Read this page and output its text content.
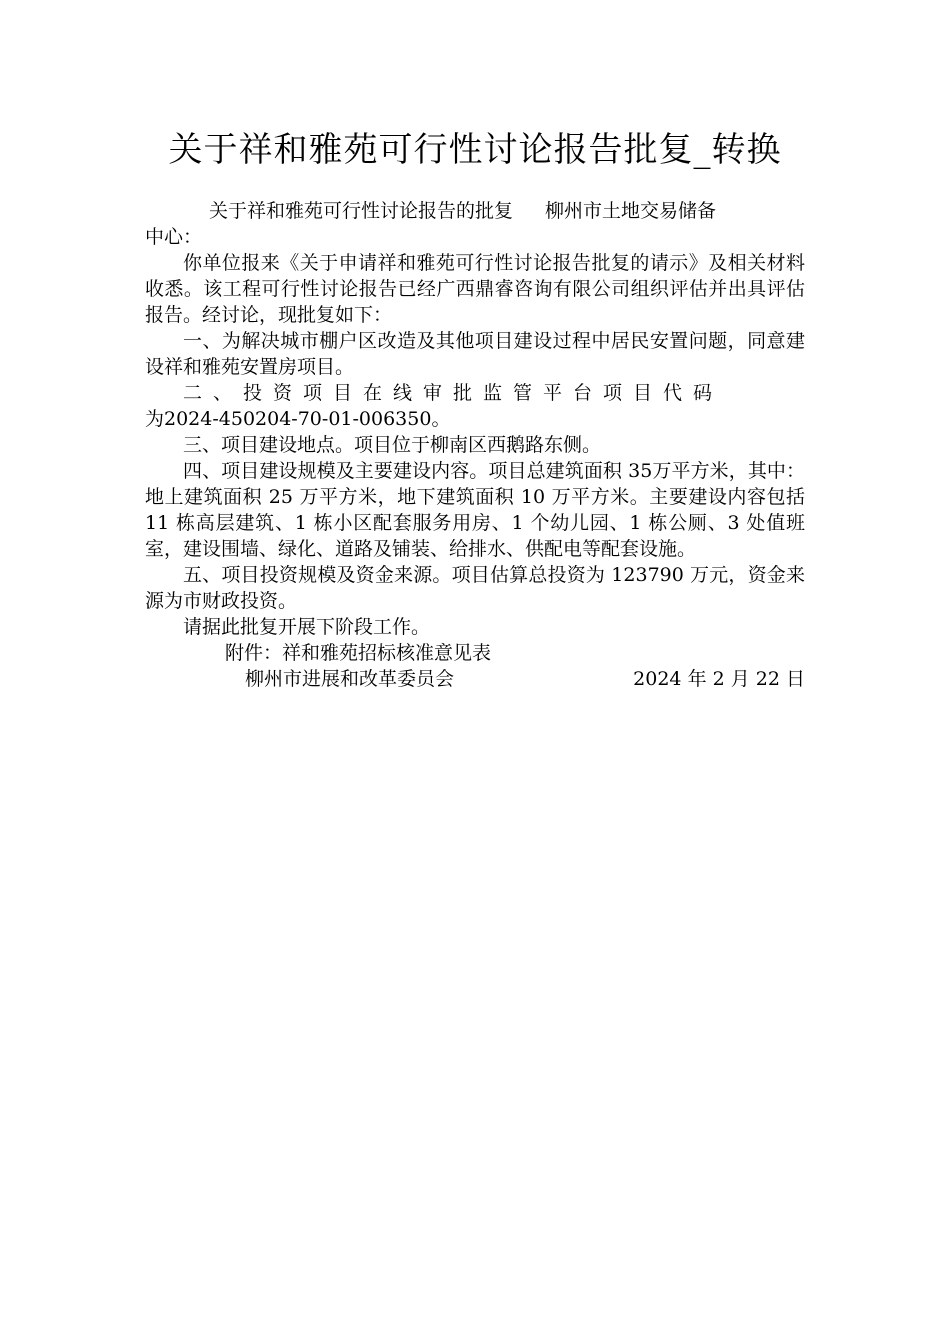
关于祥和雅苑可行性讨论报告批复_转换

关于祥和雅苑可行性讨论报告的批复 柳州市土地交易储备

中心：

你单位报来《关于申请祥和雅苑可行性讨论报告批复的请示》及相关材料收悉。该工程可行性讨论报告已经广西鼎睿咨询有限公司组织评估并出具评估报告。经讨论，现批复如下：

一、为解决城市棚户区改造及其他项目建设过程中居民安置问题，同意建设祥和雅苑安置房项目。

二、投资项目在线审批监管平台项目代码
为2024-450204-70-01-006350。

三、项目建设地点。项目位于柳南区西鹅路东侧。

四、项目建设规模及主要建设内容。项目总建筑面积 35万平方米，其中：地上建筑面积 25 万平方米，地下建筑面积 10 万平方米。主要建设内容包括 11 栋高层建筑、1 栋小区配套服务用房、1 个幼儿园、1 栋公厕、3 处值班室，建设围墙、绿化、道路及铺装、给排水、供配电等配套设施。

五、项目投资规模及资金来源。项目估算总投资为 123790 万元，资金来源为市财政投资。

请据此批复开展下阶段工作。

附件：祥和雅苑招标核准意见表

柳州市进展和改革委员会	2024 年 2 月 22 日
